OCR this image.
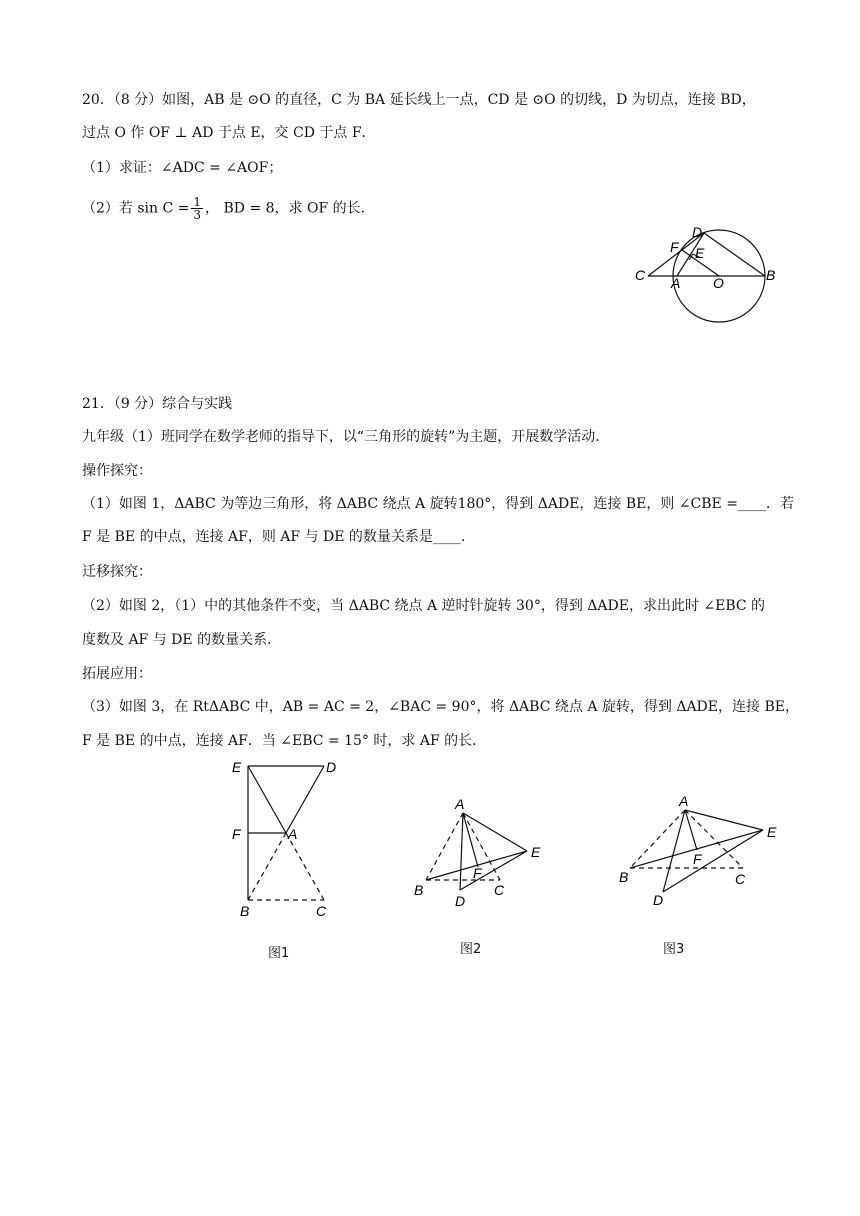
20．（8 分）如图，AB 是 ⊙O 的直径，C 为 BA 延长线上一点，CD 是 ⊙O 的切线，D 为切点，连接 BD，
过点 O 作 OF ⊥ AD 于点 E，交 CD 于点 F．
（1）求证：∠ADC = ∠AOF；
（2）若 $\sin C = \frac{1}{3}$ ， BD = 8，求 OF 的长．
D
F E
C A O	B
21．（9 分）综合与实践
九年级（1）班同学在数学老师的指导下，以“三角形的旋转”为主题，开展数学活动．
操作探究：
（1）如图 1，ΔABC 为等边三角形，将 ΔABC 绕点 A 旋转180°，得到 ΔADE，连接 BE，则 ∠CBE =____．若
F 是 BE 的中点，连接 AF，则 AF 与 DE 的数量关系是____．
迁移探究：
（2）如图 2，（1）中的其他条件不变，当 ΔABC 绕点 A 逆时针旋转 30°，得到 ΔADE，求出此时 ∠EBC 的
度数及 AF 与 DE 的数量关系．
拓展应用：
（3）如图 3，在 RtΔABC 中，AB = AC = 2，∠BAC = 90°，将 ΔABC 绕点 A 旋转，得到 ΔADE，连接 BE，
F 是 BE 的中点，连接 AF．当 ∠EBC = 15° 时，求 AF 的长．
E	D
F	A
B	C
图1
A
E
F
B	C
D
图2
A
E
F
B	C
D
图3
